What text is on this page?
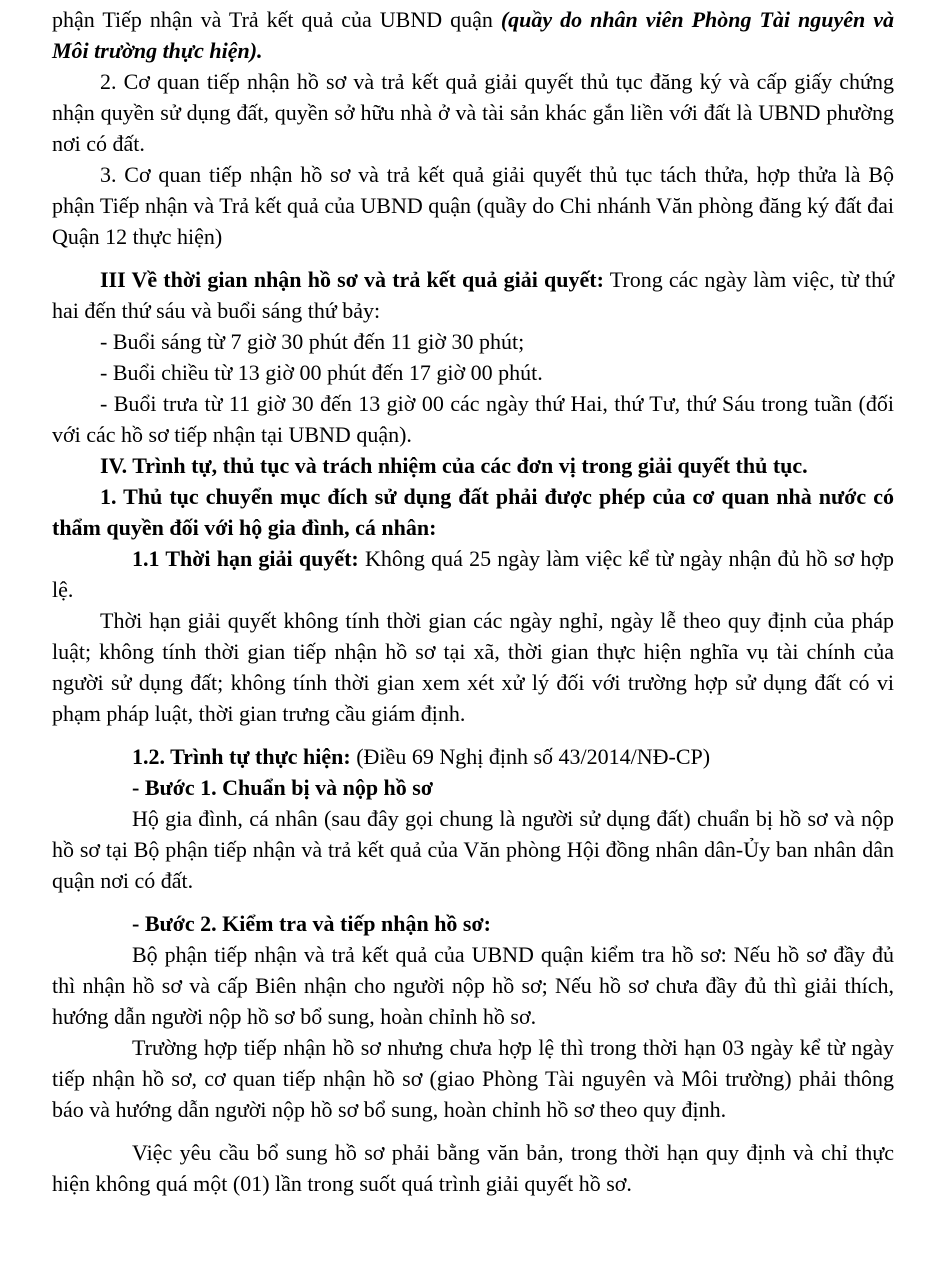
phận Tiếp nhận và Trả kết quả của UBND quận (quầy do nhân viên Phòng Tài nguyên và Môi trường thực hiện).

2. Cơ quan tiếp nhận hồ sơ và trả kết quả giải quyết thủ tục đăng ký và cấp giấy chứng nhận quyền sử dụng đất, quyền sở hữu nhà ở và tài sản khác gắn liền với đất là UBND phường nơi có đất.

3. Cơ quan tiếp nhận hồ sơ và trả kết quả giải quyết thủ tục tách thửa, hợp thửa là Bộ phận Tiếp nhận và Trả kết quả của UBND quận (quầy do Chi nhánh Văn phòng đăng ký đất đai Quận 12 thực hiện)

III Về thời gian nhận hồ sơ và trả kết quả giải quyết: Trong các ngày làm việc, từ thứ hai đến thứ sáu và buổi sáng thứ bảy:

- Buổi sáng từ 7 giờ 30 phút đến 11 giờ 30 phút;

- Buổi chiều từ 13 giờ 00 phút đến 17 giờ 00 phút.

- Buổi trưa từ 11 giờ 30 đến 13 giờ 00 các ngày thứ Hai, thứ Tư, thứ Sáu trong tuần (đối với các hồ sơ tiếp nhận tại UBND quận).

IV. Trình tự, thủ tục và trách nhiệm của các đơn vị trong giải quyết thủ tục.

1. Thủ tục chuyển mục đích sử dụng đất phải được phép của cơ quan nhà nước có thẩm quyền đối với hộ gia đình, cá nhân:

1.1 Thời hạn giải quyết: Không quá 25 ngày làm việc kể từ ngày nhận đủ hồ sơ hợp lệ.

Thời hạn giải quyết không tính thời gian các ngày nghỉ, ngày lễ theo quy định của pháp luật; không tính thời gian tiếp nhận hồ sơ tại xã, thời gian thực hiện nghĩa vụ tài chính của người sử dụng đất; không tính thời gian xem xét xử lý đối với trường hợp sử dụng đất có vi phạm pháp luật, thời gian trưng cầu giám định.

1.2. Trình tự thực hiện: (Điều 69 Nghị định số 43/2014/NĐ-CP)

- Bước 1. Chuẩn bị và nộp hồ sơ

Hộ gia đình, cá nhân (sau đây gọi chung là người sử dụng đất) chuẩn bị hồ sơ và nộp hồ sơ tại Bộ phận tiếp nhận và trả kết quả của Văn phòng Hội đồng nhân dân-Ủy ban nhân dân quận nơi có đất.

- Bước 2. Kiểm tra và tiếp nhận hồ sơ:

Bộ phận tiếp nhận và trả kết quả của UBND quận kiểm tra hồ sơ: Nếu hồ sơ đầy đủ thì nhận hồ sơ và cấp Biên nhận cho người nộp hồ sơ; Nếu hồ sơ chưa đầy đủ thì giải thích, hướng dẫn người nộp hồ sơ bổ sung, hoàn chỉnh hồ sơ.

Trường hợp tiếp nhận hồ sơ nhưng chưa hợp lệ thì trong thời hạn 03 ngày kể từ ngày tiếp nhận hồ sơ, cơ quan tiếp nhận hồ sơ (giao Phòng Tài nguyên và Môi trường) phải thông báo và hướng dẫn người nộp hồ sơ bổ sung, hoàn chỉnh hồ sơ theo quy định.

Việc yêu cầu bổ sung hồ sơ phải bằng văn bản, trong thời hạn quy định và chỉ thực hiện không quá một (01) lần trong suốt quá trình giải quyết hồ sơ.
